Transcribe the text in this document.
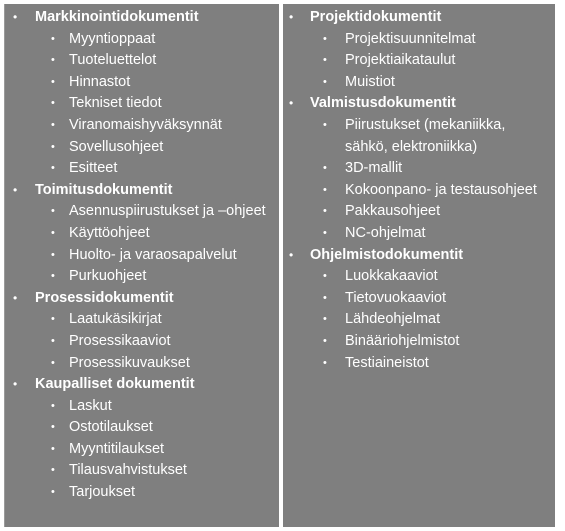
• Markkinointidokumentit
• Myyntioppaat
• Tuoteluettelot
• Hinnastot
• Tekniset tiedot
• Viranomaishyväksynnät
• Sovellusohjeet
• Esitteet
• Toimitusdokumentit
• Asennuspiirustukset ja –ohjeet
• Käyttöohjeet
• Huolto- ja varaosapalvelut
• Purkuohjeet
• Prosessidokumentit
• Laatukäsikirjat
• Prosessikaaviot
• Prosessikuvaukset
• Kaupalliset dokumentit
• Laskut
• Ostotilaukset
• Myyntitilaukset
• Tilausvahvistukset
• Tarjoukset
• Projektidokumentit
• Projektisuunnitelmat
• Projektiaikataulut
• Muistiot
• Valmistusdokumentit
• Piirustukset (mekaniikka, sähkö, elektroniikka)
• 3D-mallit
• Kokoonpano- ja testausohjeet
• Pakkausohjeet
• NC-ohjelmat
• Ohjelmistodokumentit
• Luokkakaaviot
• Tietovuokaaviot
• Lähdeohjelmat
• Binääriohjelmistot
• Testiaineistot
